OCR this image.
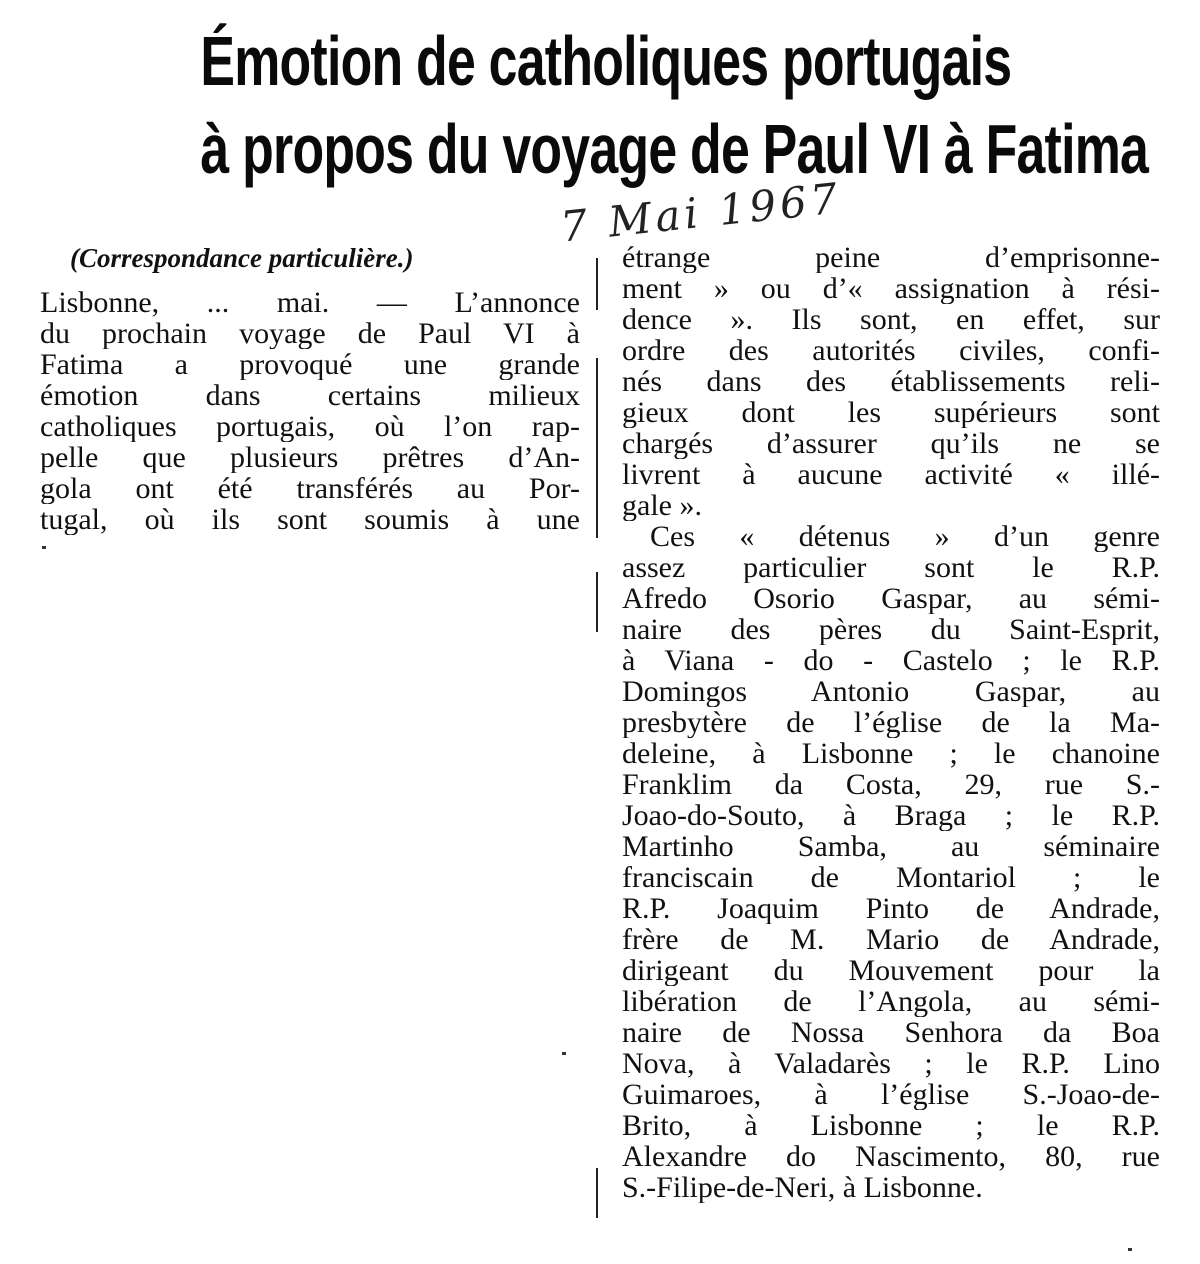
Émotion de catholiques portugais
à propos du voyage de Paul VI à Fatima
7 Mai 1967
(Correspondance particulière.)
Lisbonne, ... mai. — L’annonce
du prochain voyage de Paul VI à
Fatima a provoqué une grande
émotion dans certains milieux
catholiques portugais, où l’on rap-
pelle que plusieurs prêtres d’An-
gola ont été transférés au Por-
tugal, où ils sont soumis à une
étrange peine d’emprisonne-
ment » ou d’« assignation à rési-
dence ». Ils sont, en effet, sur
ordre des autorités civiles, confi-
nés dans des établissements reli-
gieux dont les supérieurs sont
chargés d’assurer qu’ils ne se
livrent à aucune activité « illé-
gale ».
Ces « détenus » d’un genre
assez particulier sont le R.P.
Afredo Osorio Gaspar, au sémi-
naire des pères du Saint-Esprit,
à Viana - do - Castelo ; le R.P.
Domingos Antonio Gaspar, au
presbytère de l’église de la Ma-
deleine, à Lisbonne ; le chanoine
Franklim da Costa, 29, rue S.-
Joao-do-Souto, à Braga ; le R.P.
Martinho Samba, au séminaire
franciscain de Montariol ; le
R.P. Joaquim Pinto de Andrade,
frère de M. Mario de Andrade,
dirigeant du Mouvement pour la
libération de l’Angola, au sémi-
naire de Nossa Senhora da Boa
Nova, à Valadarès ; le R.P. Lino
Guimaroes, à l’église S.-Joao-de-
Brito, à Lisbonne ; le R.P.
Alexandre do Nascimento, 80, rue
S.-Filipe-de-Neri, à Lisbonne.
